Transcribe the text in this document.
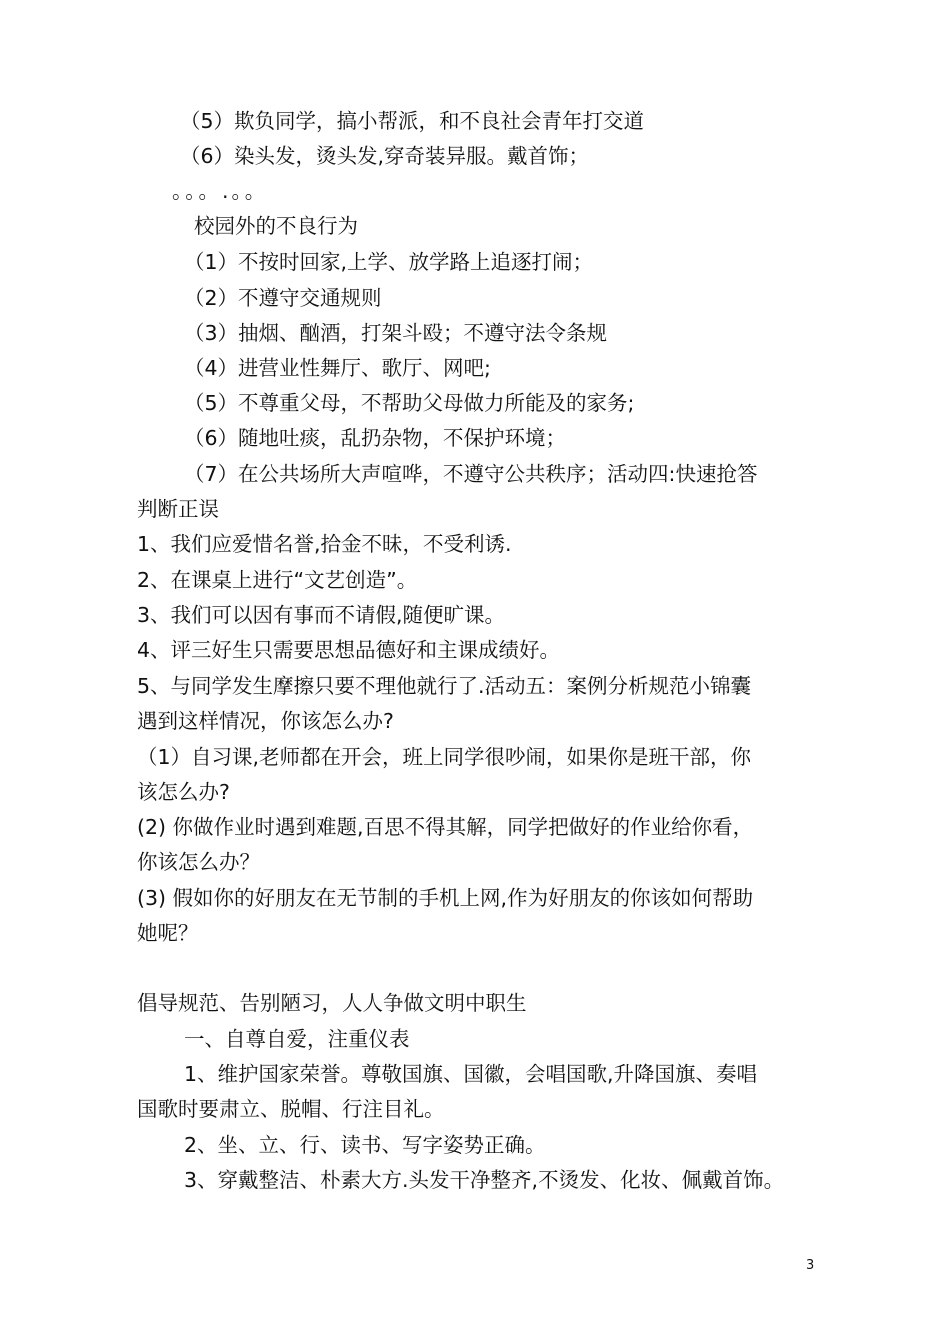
（5）欺负同学，搞小帮派，和不良社会青年打交道
（6）染头发，烫头发,穿奇装异服。戴首饰；
。。。.。。
校园外的不良行为
（1）不按时回家,上学、放学路上追逐打闹；
（2）不遵守交通规则
（3）抽烟、酗酒，打架斗殴；不遵守法令条规
（4）进营业性舞厅、歌厅、网吧;
（5）不尊重父母，不帮助父母做力所能及的家务;
（6）随地吐痰，乱扔杂物，不保护环境；
（7）在公共场所大声喧哗，不遵守公共秩序；活动四:快速抢答
判断正误
1、我们应爱惜名誉,拾金不昧，不受利诱.
2、在课桌上进行“文艺创造”。
3、我们可以因有事而不请假,随便旷课。
4、评三好生只需要思想品德好和主课成绩好。
5、与同学发生摩擦只要不理他就行了.活动五：案例分析规范小锦囊
遇到这样情况，你该怎么办?
（1）自习课,老师都在开会，班上同学很吵闹，如果你是班干部，你
该怎么办?
(2) 你做作业时遇到难题,百思不得其解，同学把做好的作业给你看，
你该怎么办？
(3) 假如你的好朋友在无节制的手机上网,作为好朋友的你该如何帮助
她呢？
倡导规范、告别陋习，人人争做文明中职生
一、自尊自爱，注重仪表
1、维护国家荣誉。尊敬国旗、国徽，会唱国歌,升降国旗、奏唱
国歌时要肃立、脱帽、行注目礼。
2、坐、立、行、读书、写字姿势正确。
3、穿戴整洁、朴素大方.头发干净整齐,不烫发、化妆、佩戴首饰。
3
